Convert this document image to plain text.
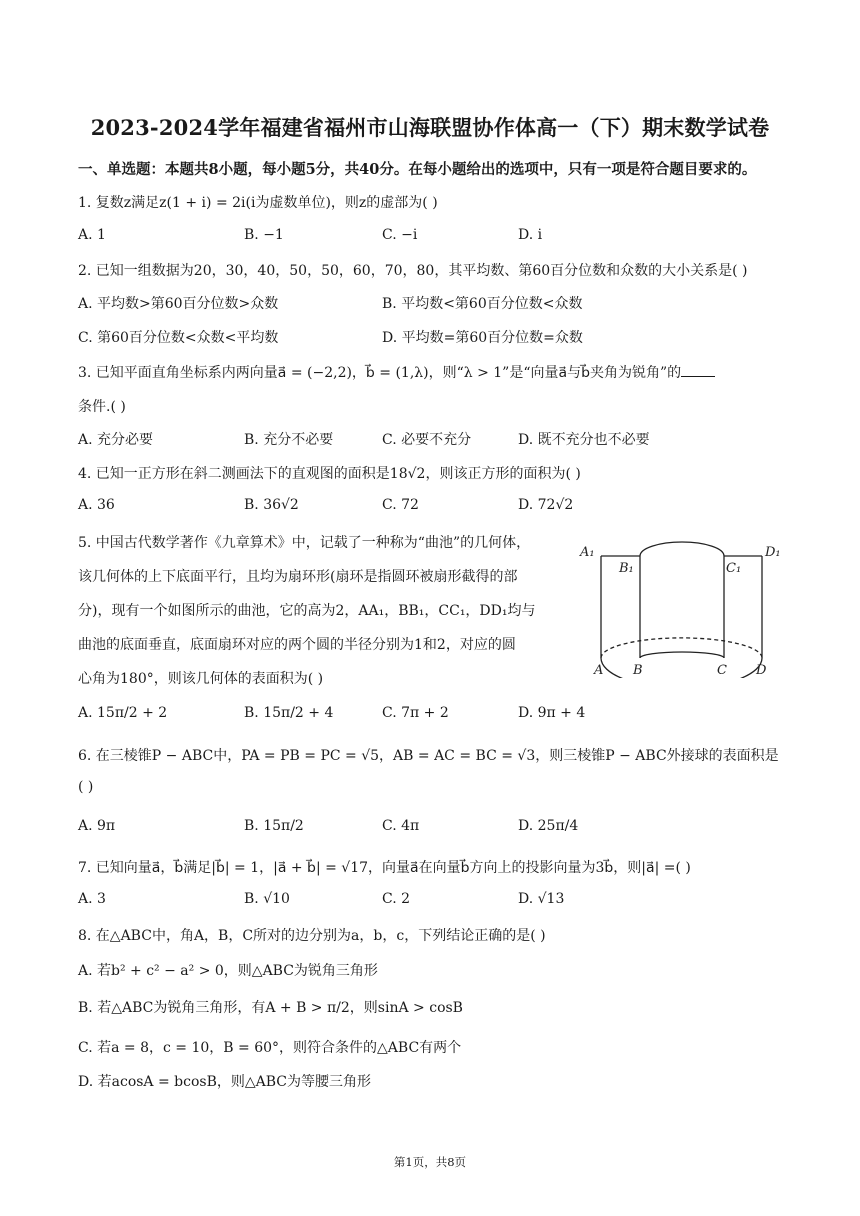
2023-2024学年福建省福州市山海联盟协作体高一（下）期末数学试卷
一、单选题：本题共8小题，每小题5分，共40分。在每小题给出的选项中，只有一项是符合题目要求的。
1. 复数z满足z(1 + i) = 2i(i为虚数单位)，则z的虚部为( )
A. 1	B. −1	C. −i	D. i
2. 已知一组数据为20，30，40，50，50，60，70，80，其平均数、第60百分位数和众数的大小关系是( )
A. 平均数>第60百分位数>众数	B. 平均数<第60百分位数<众数
C. 第60百分位数<众数<平均数	D. 平均数=第60百分位数=众数
3. 已知平面直角坐标系内两向量a⃗ = (−2,2)，b⃗ = (1,λ)，则“λ > 1”是“向量a⃗与b⃗夹角为锐角”的
条件.( )
A. 充分必要	B. 充分不必要	C. 必要不充分	D. 既不充分也不必要
4. 已知一正方形在斜二测画法下的直观图的面积是18√2，则该正方形的面积为( )
A. 36	B. 36√2	C. 72	D. 72√2
5. 中国古代数学著作《九章算术》中，记载了一种称为“曲池”的几何体，
该几何体的上下底面平行，且均为扇环形(扇环是指圆环被扇形截得的部
分)，现有一个如图所示的曲池，它的高为2，AA₁，BB₁，CC₁，DD₁均与
曲池的底面垂直，底面扇环对应的两个圆的半径分别为1和2，对应的圆
心角为180°，则该几何体的表面积为( )
A₁
B₁	C₁
D₁
A B	C D
A. 15π/2 + 2	B. 15π/2 + 4	C. 7π + 2	D. 9π + 4
6. 在三棱锥P − ABC中，PA = PB = PC = √5，AB = AC = BC = √3，则三棱锥P − ABC外接球的表面积是
( )
A. 9π	B. 15π/2	C. 4π	D. 25π/4
7. 已知向量a⃗，b⃗满足|b⃗| = 1，|a⃗ + b⃗| = √17，向量a⃗在向量b⃗方向上的投影向量为3b⃗，则|a⃗| =( )
A. 3	B. √10	C. 2	D. √13
8. 在△ABC中，角A，B，C所对的边分别为a，b，c，下列结论正确的是( )
A. 若b² + c² − a² > 0，则△ABC为锐角三角形
B. 若△ABC为锐角三角形，有A + B > π/2，则sinA > cosB
C. 若a = 8，c = 10，B = 60°，则符合条件的△ABC有两个
D. 若acosA = bcosB，则△ABC为等腰三角形
第1页，共8页
